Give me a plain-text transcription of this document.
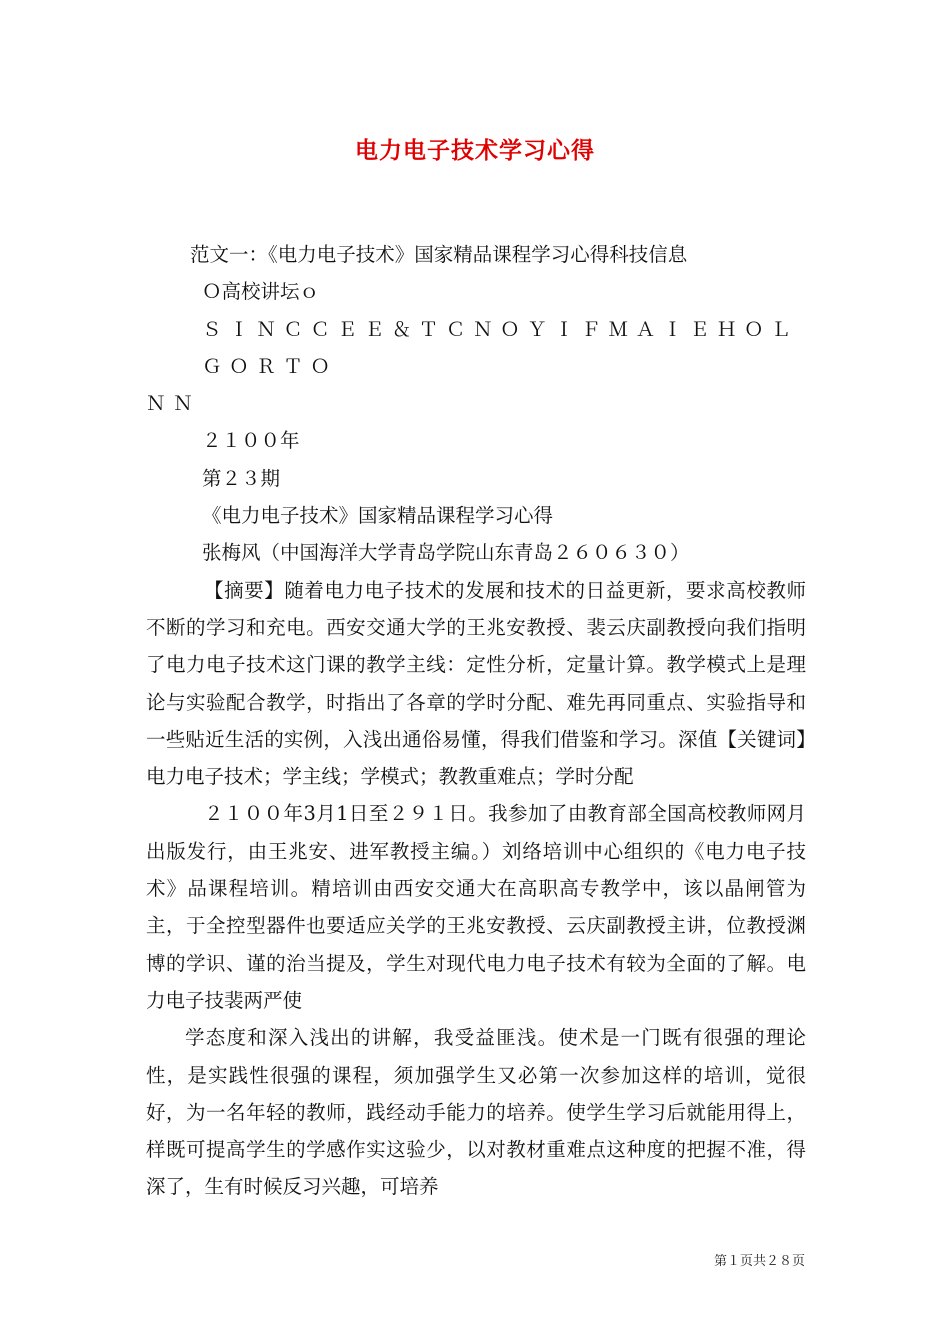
电力电子技术学习心得

范文一：《电力电子技术》国家精品课程学习心得科技信息

Ｏ高校讲坛ｏ

ＳＩＮＣＣＥＥ＆ＴＣＮＯＹＩＦＭＡＩＥＨＯＬＧＯＲＴＯ

ＮＮ

２１００年

第２３期

《电力电子技术》国家精品课程学习心得

张梅风（中国海洋大学青岛学院山东青岛２６０６３０）

【摘要】随着电力电子技术的发展和技术的日益更新，要求高校教师不断的学习和充电。西安交通大学的王兆安教授、裴云庆副教授向我们指明了电力电子技术这门课的教学主线：定性分析，定量计算。教学模式上是理论与实验配合教学，时指出了各章的学时分配、难先再同重点、实验指导和一些贴近生活的实例，入浅出通俗易懂，得我们借鉴和学习。深值【关键词】电力电子技术；学主线；学模式；教教重难点；学时分配

２１００年3月1日至２９１日。我参加了由教育部全国高校教师网月出版发行，由王兆安、进军教授主编。）刘络培训中心组织的《电力电子技术》品课程培训。精培训由西安交通大在高职高专教学中，该以晶闸管为主，于全控型器件也要适应关学的王兆安教授、云庆副教授主讲，位教授渊博的学识、谨的治当提及，学生对现代电力电子技术有较为全面的了解。电力电子技裴两严使

学态度和深入浅出的讲解，我受益匪浅。使术是一门既有很强的理论性，是实践性很强的课程，须加强学生又必第一次参加这样的培训，觉很好，为一名年轻的教师，践经动手能力的培养。使学生学习后就能用得上，样既可提高学生的学感作实这验少，以对教材重难点这种度的把握不准，得深了，生有时候反习兴趣，可培养

第１页共２８页
